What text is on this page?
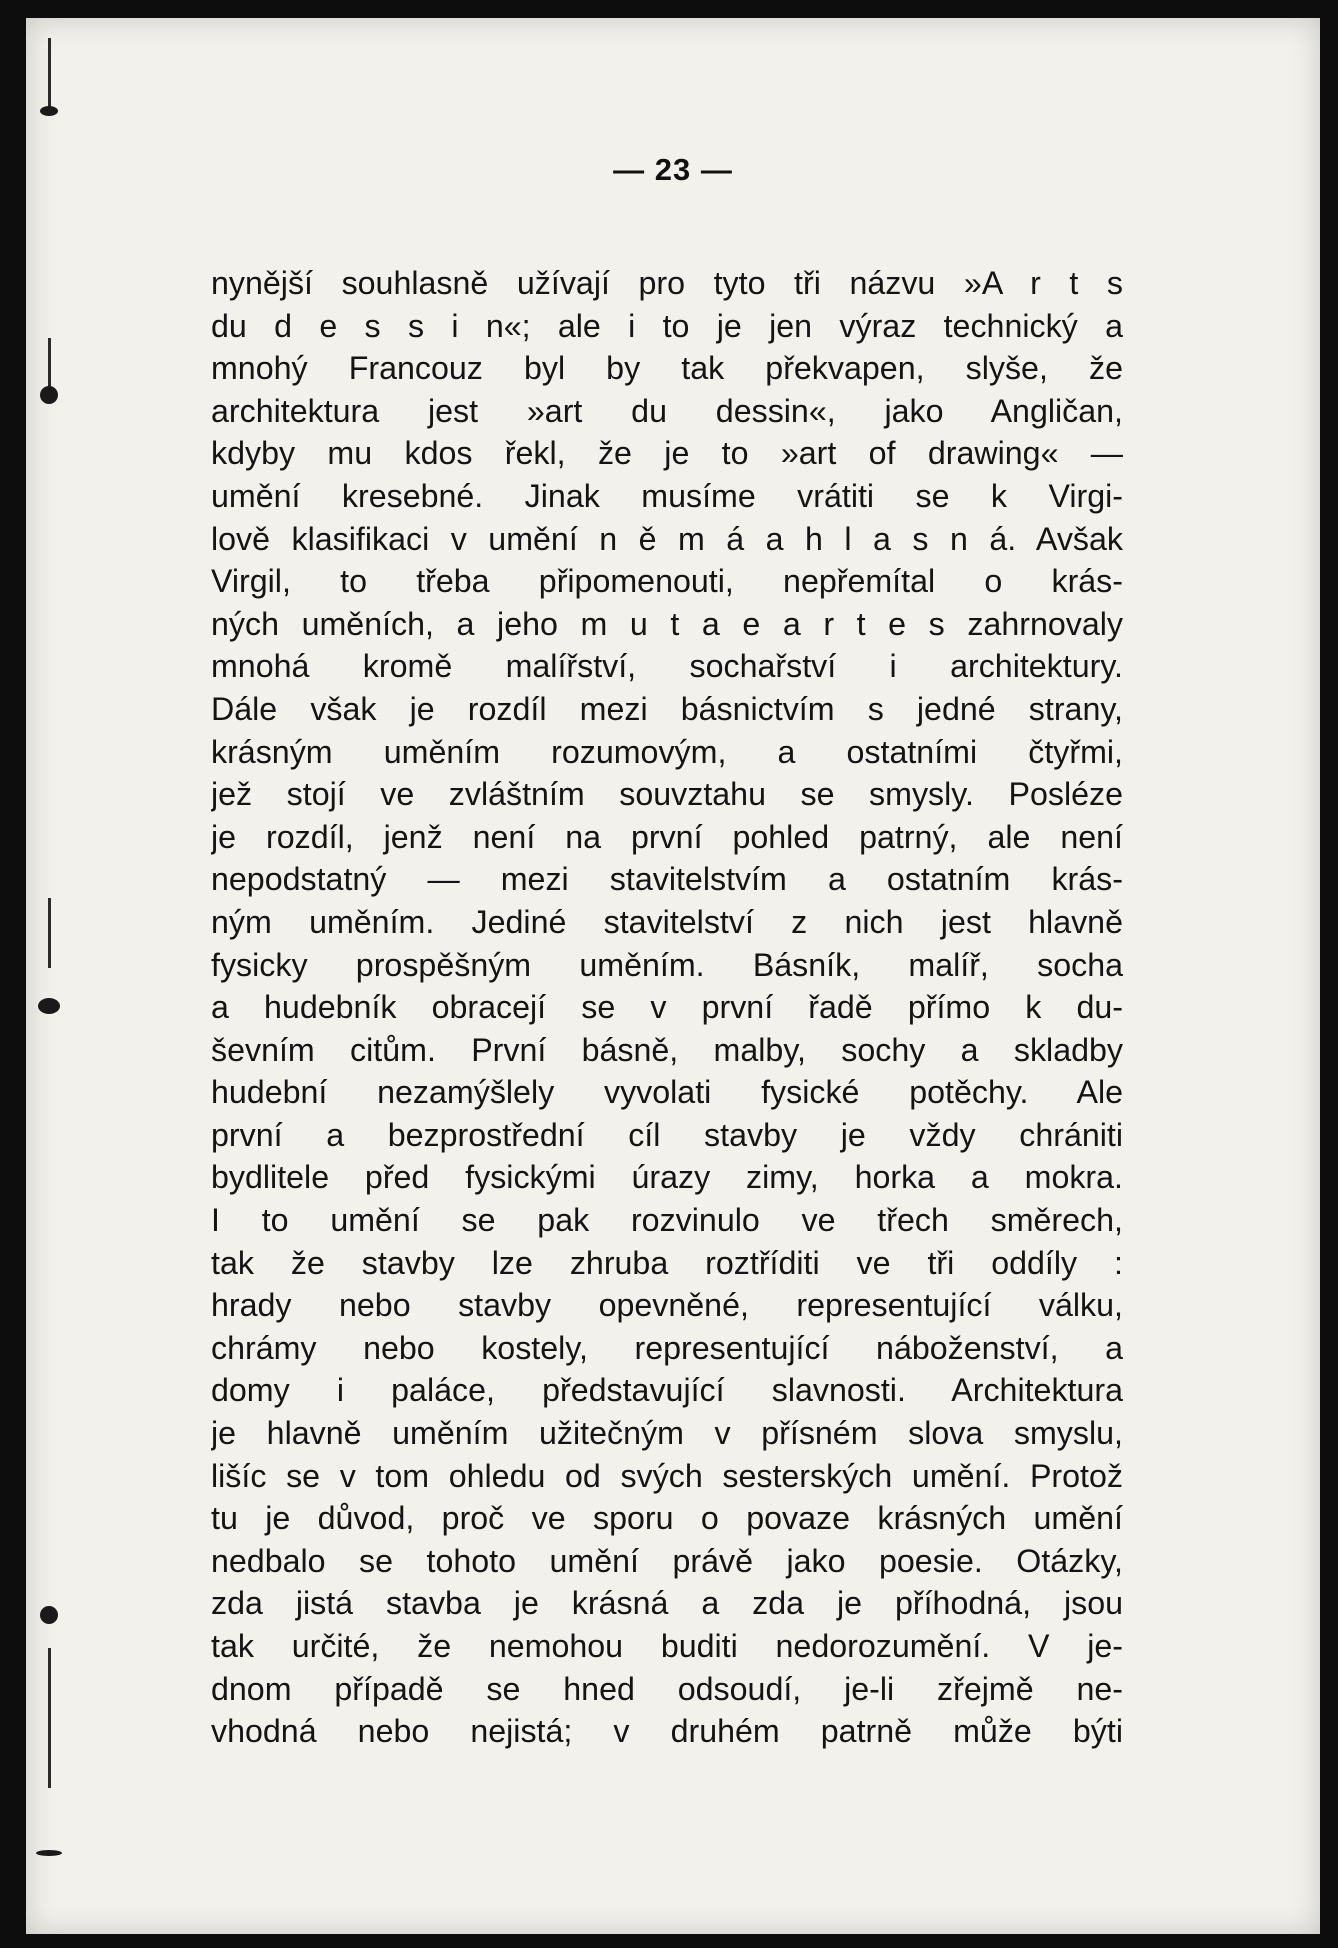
— 23 —
nynější souhlasně užívají pro tyto tři názvu »A r t s
du d e s s i n«; ale i to je jen výraz technický a
mnohý Francouz byl by tak překvapen, slyše, že
architektura jest »art du dessin«, jako Angličan,
kdyby mu kdos řekl, že je to »art of drawing« —
umění kresebné. Jinak musíme vrátiti se k Virgi-
lově klasifikaci v umění n ě m á a h l a s n á. Avšak
Virgil, to třeba připomenouti, nepřemítal o krás-
ných uměních, a jeho m u t a e a r t e s zahrnovaly
mnohá kromě malířství, sochařství i architektury.
Dále však je rozdíl mezi básnictvím s jedné strany,
krásným uměním rozumovým, a ostatními čtyřmi,
jež stojí ve zvláštním souvztahu se smysly. Posléze
je rozdíl, jenž není na první pohled patrný, ale není
nepodstatný — mezi stavitelstvím a ostatním krás-
ným uměním. Jediné stavitelství z nich jest hlavně
fysicky prospěšným uměním. Básník, malíř, socha
a hudebník obracejí se v první řadě přímo k du-
ševním citům. První básně, malby, sochy a skladby
hudební nezamýšlely vyvolati fysické potěchy. Ale
první a bezprostřední cíl stavby je vždy chrániti
bydlitele před fysickými úrazy zimy, horka a mokra.
I to umění se pak rozvinulo ve třech směrech,
tak že stavby lze zhruba roztříditi ve tři oddíly :
hrady nebo stavby opevněné, representující válku,
chrámy nebo kostely, representující náboženství, a
domy i paláce, představující slavnosti. Architektura
je hlavně uměním užitečným v přísném slova smyslu,
lišíc se v tom ohledu od svých sesterských umění. Protož
tu je důvod, proč ve sporu o povaze krásných umění
nedbalo se tohoto umění právě jako poesie. Otázky,
zda jistá stavba je krásná a zda je příhodná, jsou
tak určité, že nemohou buditi nedorozumění. V je-
dnom případě se hned odsoudí, je-li zřejmě ne-
vhodná nebo nejistá; v druhém patrně může býti
